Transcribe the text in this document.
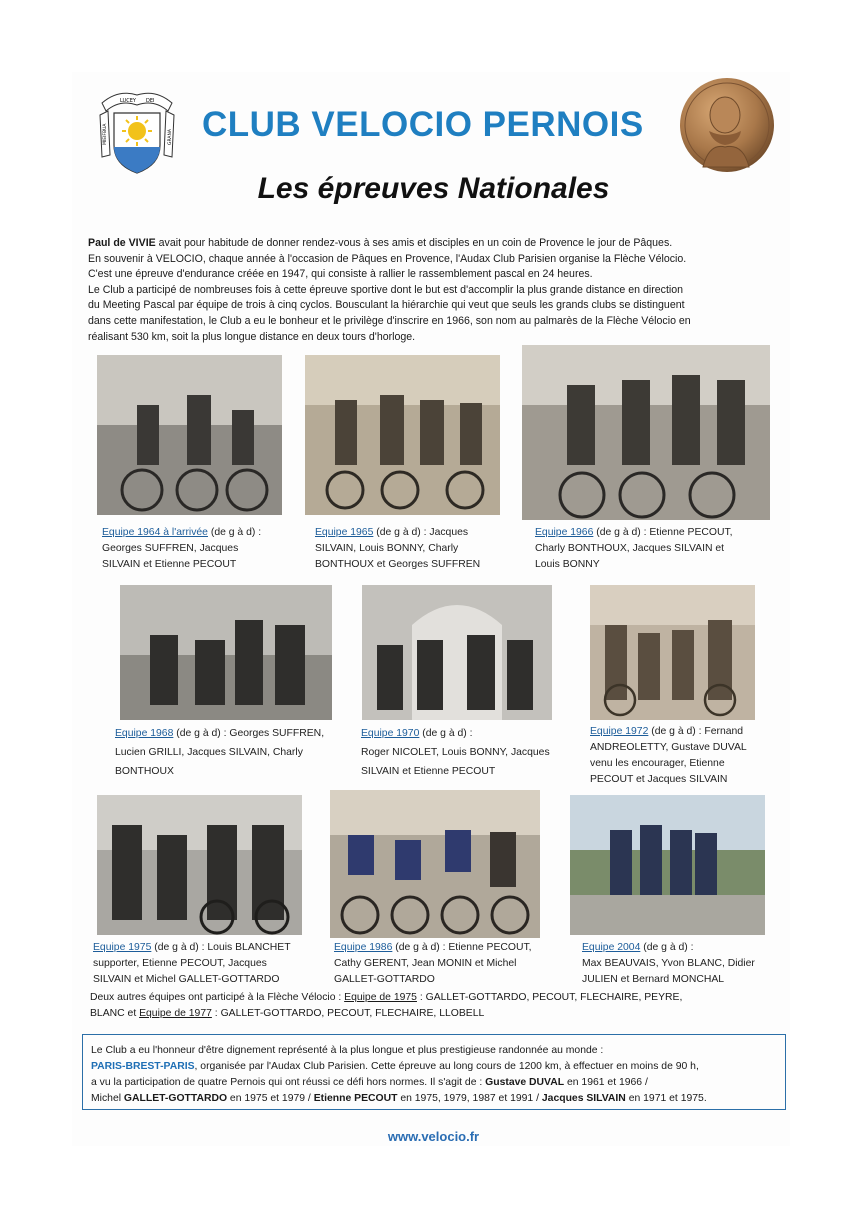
LUCEY DEI
MIEIF
BUA
GRANA CLUB VELOCIO PERNOIS
Les épreuves Nationales

Paul de VIVIE avait pour habitude de donner rendez-vous à ses amis et disciples en un coin de Provence le jour de Pâques.

En souvenir à VELOCIO, chaque année à l'occasion de Pâques en Provence, l'Audax Club Parisien organise la Flèche Vélocio.

C'est une épreuve d'endurance créée en 1947, qui consiste à rallier le rassemblement pascal en 24 heures.

Le Club a participé de nombreuses fois à cette épreuve sportive dont le but est d'accomplir la plus grande distance en direction

du Meeting Pascal par équipe de trois à cinq cyclos. Bousculant la hiérarchie qui veut que seuls les grands clubs se distinguent

dans cette manifestation, le Club a eu le bonheur et le privilège d'inscrire en 1966, son nom au palmarès de la Flèche Vélocio en

réalisant 530 km, soit la plus longue distance en deux tours d'horloge.

Equipe 1964 à l'arrivée (de g à d) :
Georges SUFFREN, Jacques
SILVAIN et Etienne PECOUT
Equipe 1965 (de g à d) : Jacques
SILVAIN, Louis BONNY, Charly
BONTHOUX et Georges SUFFREN
Equipe 1966 (de g à d) : Etienne PECOUT,
Charly BONTHOUX, Jacques SILVAIN et
Louis BONNY
Equipe 1968 (de g à d) : Georges SUFFREN,
Lucien GRILLI, Jacques SILVAIN, Charly
BONTHOUX
Equipe 1970 (de g à d) :
Roger NICOLET, Louis BONNY, Jacques
SILVAIN et Etienne PECOUT
Equipe 1972 (de g à d) : Fernand
ANDREOLETTY, Gustave DUVAL
venu les encourager, Etienne
PECOUT et Jacques SILVAIN
Equipe 1975 (de g à d) : Louis BLANCHET
supporter, Etienne PECOUT, Jacques
SILVAIN et Michel GALLET-GOTTARDO
Equipe 1986 (de g à d) : Etienne PECOUT,
Cathy GERENT, Jean MONIN et Michel
GALLET-GOTTARDO
Equipe 2004 (de g à d) :
Max BEAUVAIS, Yvon BLANC, Didier
JULIEN et Bernard MONCHAL
Deux autres équipes ont participé à la Flèche Vélocio : Equipe de 1975 : GALLET-GOTTARDO, PECOUT, FLECHAIRE, PEYRE,
BLANC et Equipe de 1977 : GALLET-GOTTARDO, PECOUT, FLECHAIRE, LLOBELL

Le Club a eu l'honneur d'être dignement représenté à la plus longue et plus prestigieuse randonnée au monde :

PARIS-BREST-PARIS, organisée par l'Audax Club Parisien. Cette épreuve au long cours de 1200 km, à effectuer en moins de 90 h,

a vu la participation de quatre Pernois qui ont réussi ce défi hors normes. Il s'agit de : Gustave DUVAL en 1961 et 1966 /

Michel GALLET-GOTTARDO en 1975 et 1979 / Etienne PECOUT en 1975, 1979, 1987 et 1991 / Jacques SILVAIN en 1971 et 1975.

www.velocio.fr
